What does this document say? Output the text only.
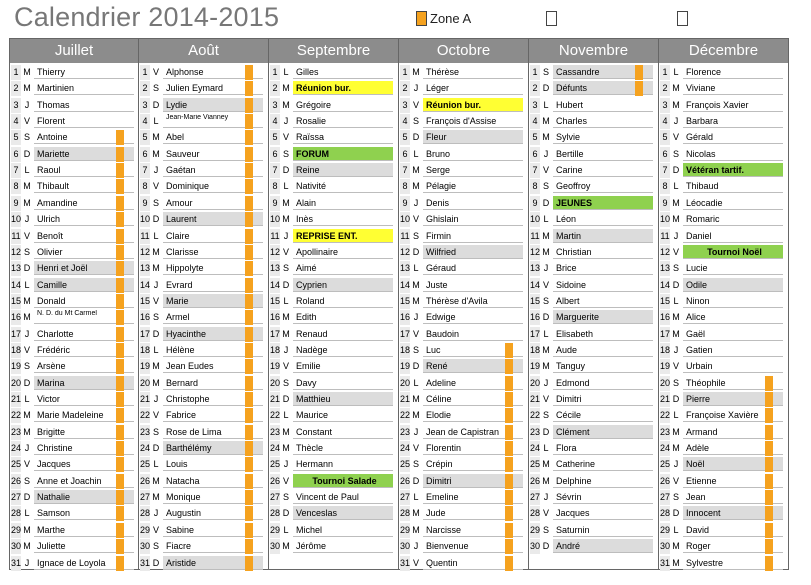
Calendrier 2014-2015	Zone A
Juillet
1 M Thierry
2 M Martinien
3 J Thomas
4 V Florent
5 S Antoine
6 D Mariette
7 L Raoul
8 M Thibault
9 M Amandine
10 J Ulrich
11 V Benoît
12 S Olivier
13 D Henri et Joël
14 L Camille
15 M Donald
16 M N. D. du Mt Carmel
17 J Charlotte
18 V Frédéric
19 S Arsène
20 D Marina
21 L Victor
22 M Marie Madeleine
23 M Brigitte
24 J Christine
25 V Jacques
26 S Anne et Joachin
27 D Nathalie
28 L Samson
29 M Marthe
30 M Juliette
31 J Ignace de Loyola
Août
1 V Alphonse
2 S Julien Eymard
3 D Lydie
4 L	Jean-Marie Vianney
5 M Abel
6 M Sauveur
7 J Gaétan
8 V Dominique
9 S Amour
10 D Laurent
11 L Claire
12 M Clarisse
13 M Hippolyte
14 J Evrard
15 V Marie
16 S Armel
17 D Hyacinthe
18 L Hélène
19 M Jean Eudes
20 M Bernard
21 J Christophe
22 V Fabrice
23 S Rose de Lima
24 D Barthélémy
25 L Louis
26 M Natacha
27 M Monique
28 J Augustin
29 V Sabine
30 S Fiacre
31 D Aristide
Septembre
1 L Gilles
2 M Réunion bur.
3 M Grégoire
4 J Rosalie
5 V Raïssa
6 S FORUM
7 D Reine
8 L Nativité
9 M Alain
10 M Inès
11 J REPRISE ENT.
12 V Apollinaire
13 S Aimé
14 D Cyprien
15 L Roland
16 M Edith
17 M Renaud
18 J Nadège
19 V Emilie
20 S Davy
21 D Matthieu
22 L Maurice
23 M Constant
24 M Thècle
25 J Hermann
26 V	Tournoi Salade
27 S Vincent de Paul
28 D Venceslas
29 L Michel
30 M Jérôme
Octobre
1 M Thérèse
2 J Léger
3 V Réunion bur.
4 S François d'Assise
5 D Fleur
6 L Bruno
7 M Serge
8 M Pélagie
9 J Denis
10 V Ghislain
11 S Firmin
12 D Wilfried
13 L Géraud
14 M Juste
15 M Thérèse d'Avila
16 J Edwige
17 V Baudoin
18 S Luc
19 D René
20 L Adeline
21 M Céline
22 M Elodie
23 J Jean de Capistran
24 V Florentin
25 S Crépin
26 D Dimitri
27 L Emeline
28 M Jude
29 M Narcisse
30 J Bienvenue
31 V Quentin
Novembre
1 S Cassandre
2 D Défunts
3 L Hubert
4 M Charles
5 M Sylvie
6 J Bertille
7 V Carine
8 S Geoffroy
9 D JEUNES
10 L Léon
11 M Martin
12 M Christian
13 J Brice
14 V Sidoine
15 S Albert
16 D Marguerite
17 L Elisabeth
18 M Aude
19 M Tanguy
20 J Edmond
21 V Dimitri
22 S Cécile
23 D Clément
24 L Flora
25 M Catherine
26 M Delphine
27 J Sévrin
28 V Jacques
29 S Saturnin
30 D André
Décembre
1 L Florence
2 M Viviane
3 M François Xavier
4 J Barbara
5 V Gérald
6 S Nicolas
7 D Vétéran tartif.
8 L Thibaud
9 M Léocadie
10 M Romaric
11 J Daniel
12 V	Tournoi Noël
13 S Lucie
14 D Odile
15 L Ninon
16 M Alice
17 M Gaël
18 J Gatien
19 V Urbain
20 S Théophile
21 D Pierre
22 L Françoise Xavière
23 M Armand
24 M Adèle
25 J Noël
26 V Etienne
27 S Jean
28 D Innocent
29 L David
30 M Roger
31 M Sylvestre
